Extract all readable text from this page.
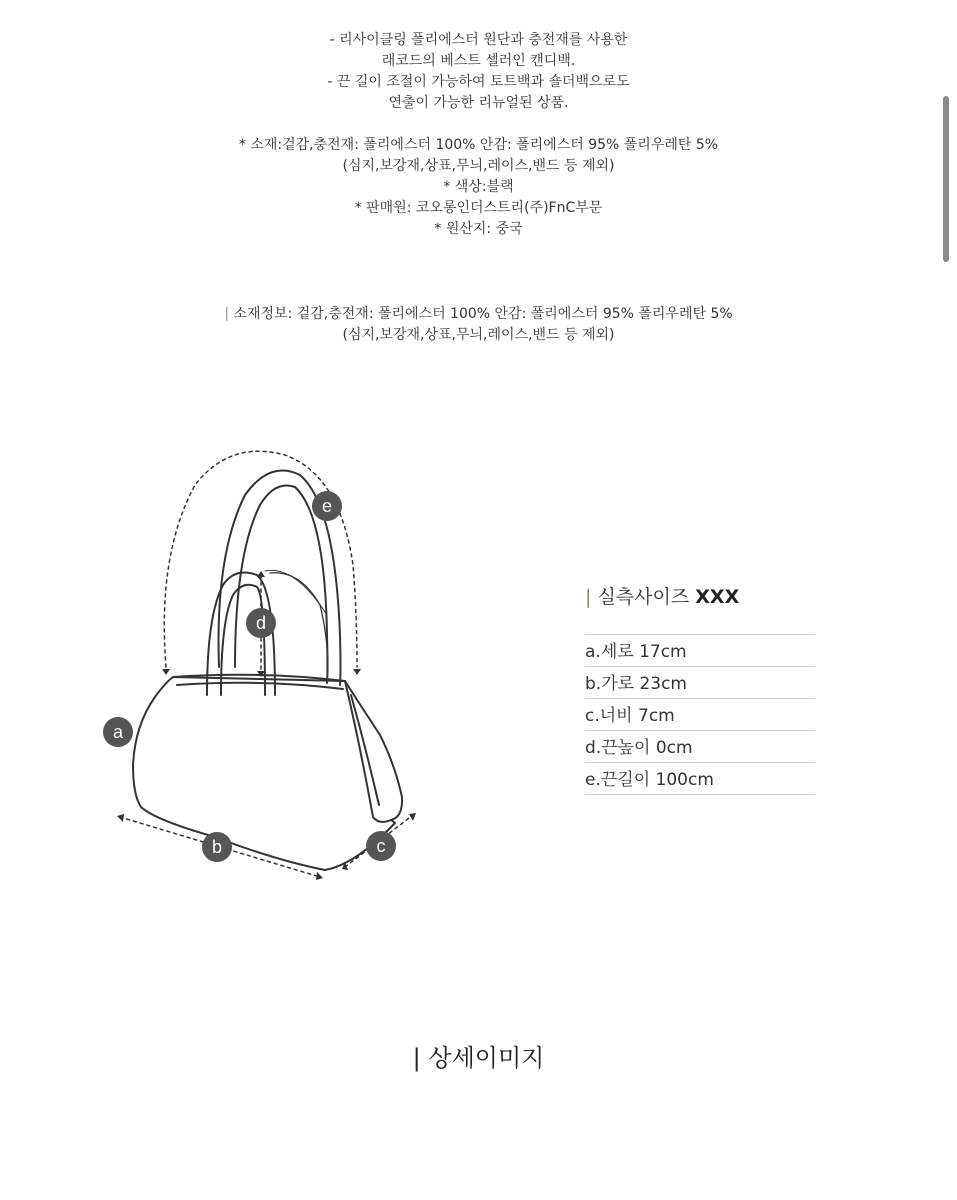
- 리사이클링 폴리에스터 원단과 충전재를 사용한
래코드의 베스트 셀러인 캔디백.
- 끈 길이 조절이 가능하여 토트백과 숄더백으로도
연출이 가능한 리뉴얼된 상품.
* 소재:겉감,충전재: 폴리에스터 100% 안감: 폴리에스터 95% 폴리우레탄 5%
(심지,보강재,상표,무늬,레이스,밴드 등 제외)
* 색상:블랙
* 판매원: 코오롱인더스트리(주)FnC부문
* 원산지: 중국
| 소재정보: 겉감,충전재: 폴리에스터 100% 안감: 폴리에스터 95% 폴리우레탄 5%
(심지,보강재,상표,무늬,레이스,밴드 등 제외)
e
d
a
b	c
| 실측사이즈 XXX
a.세로 17cm
b.가로 23cm
c.너비 7cm
d.끈높이 0cm
e.끈길이 100cm
| 상세이미지
